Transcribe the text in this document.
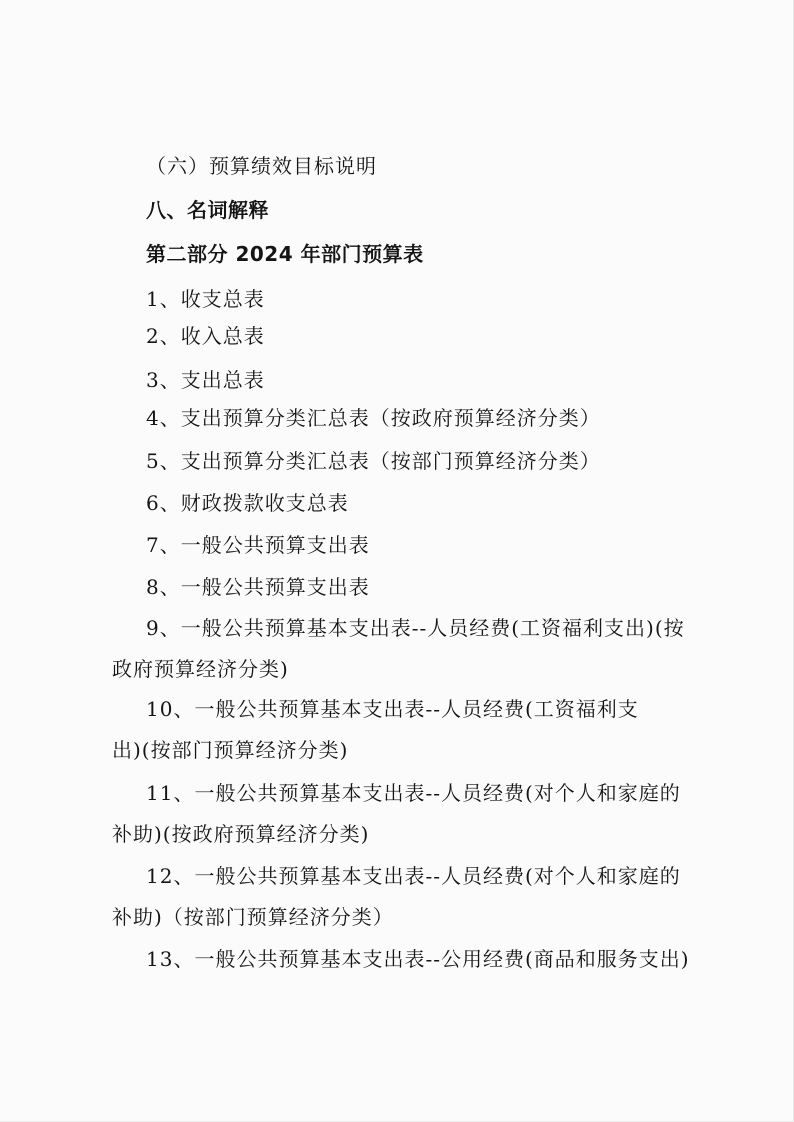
（六）预算绩效目标说明
八、名词解释
第二部分 2024 年部门预算表
1、收支总表
2、收入总表
3、支出总表
4、支出预算分类汇总表（按政府预算经济分类）
5、支出预算分类汇总表（按部门预算经济分类）
6、财政拨款收支总表
7、一般公共预算支出表
8、一般公共预算支出表
9、一般公共预算基本支出表--人员经费(工资福利支出)(按
政府预算经济分类)
10、一般公共预算基本支出表--人员经费(工资福利支
出)(按部门预算经济分类)
11、一般公共预算基本支出表--人员经费(对个人和家庭的
补助)(按政府预算经济分类)
12、一般公共预算基本支出表--人员经费(对个人和家庭的
补助)（按部门预算经济分类）
13、一般公共预算基本支出表--公用经费(商品和服务支出)
